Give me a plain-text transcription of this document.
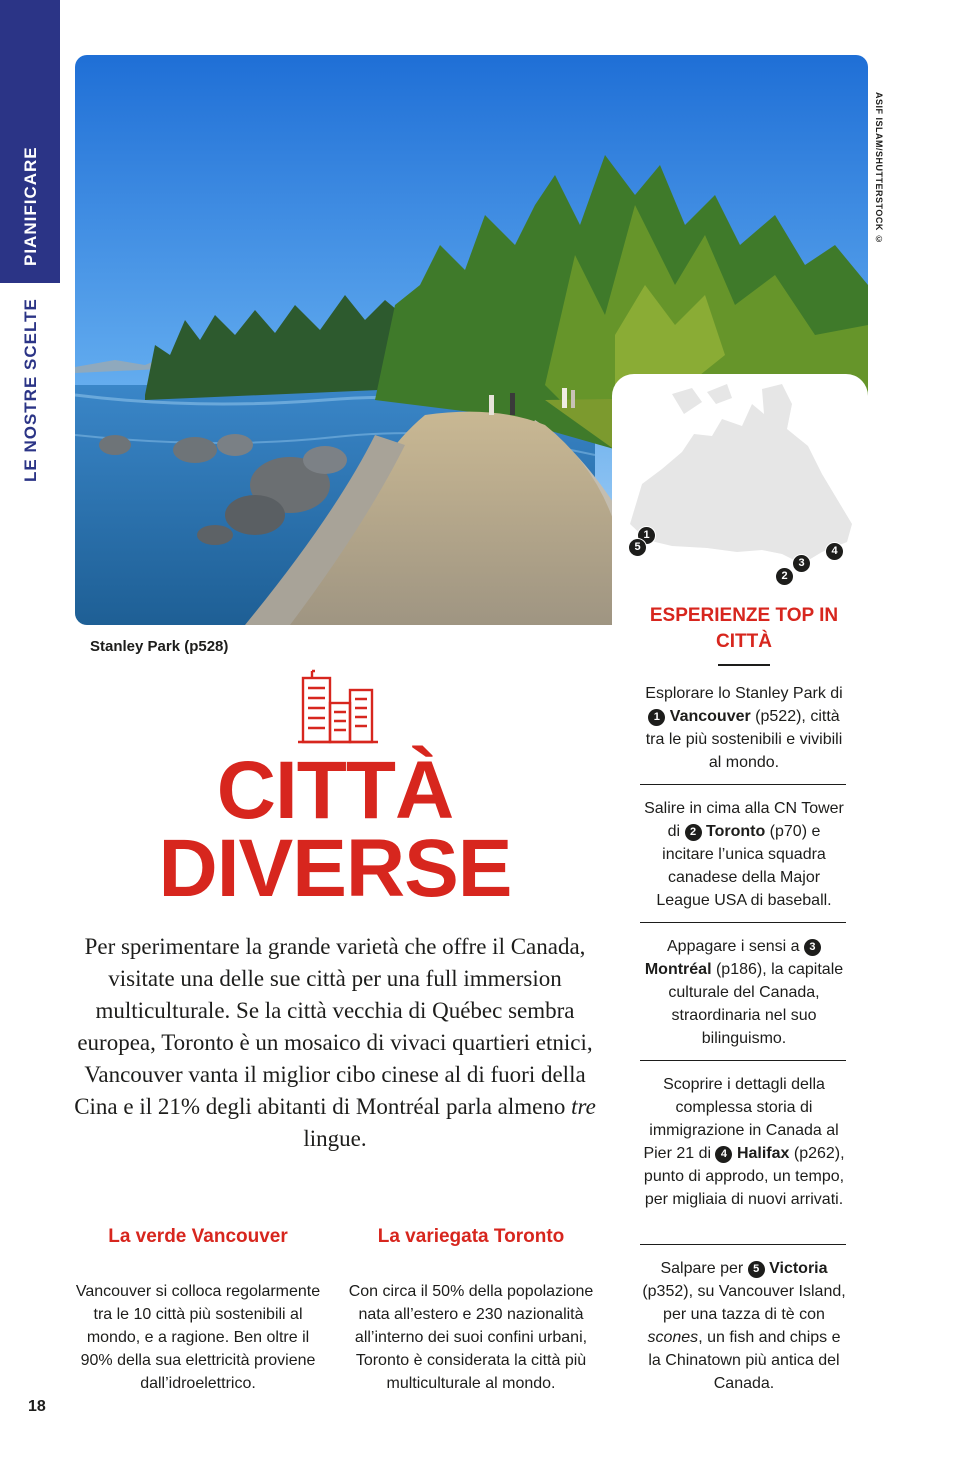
PIANIFICARE
LE NOSTRE SCELTE
ASIF ISLAM/SHUTTERSTOCK ©
1
5
2
3
4
Stanley Park (p528)
CITTÀ
DIVERSE
Per sperimentare la grande varietà che offre il Canada, visitate una delle sue città per una full immersion multiculturale. Se la città vecchia di Québec sembra europea, Toronto è un mosaico di vivaci quartieri etnici, Vancouver vanta il miglior cibo cinese al di fuori della Cina e il 21% degli abitanti di Montréal parla almeno tre lingue.
La verde Vancouver
Vancouver si colloca regolarmente tra le 10 città più sostenibili al mondo, e a ragione. Ben oltre il 90% della sua elettricità proviene dall’idroelettrico.
La variegata Toronto
Con circa il 50% della popolazione nata all’estero e 230 nazionalità all’interno dei suoi confini urbani, Toronto è considerata la città più multiculturale al mondo.
18
ESPERIENZE TOP IN CITTÀ
Esplorare lo Stanley Park di 1 Vancouver (p522), città tra le più sostenibili e vivibili al mondo.
Salire in cima alla CN Tower di 2 Toronto (p70) e incitare l’unica squadra canadese della Major League USA di baseball.
Appagare i sensi a 3 Montréal (p186), la capitale culturale del Canada, straordinaria nel suo bilinguismo.
Scoprire i dettagli della complessa storia di immigrazione in Canada al Pier 21 di 4 Halifax (p262), punto di approdo, un tempo, per migliaia di nuovi arrivati.
Salpare per 5 Victoria (p352), su Vancouver Island, per una tazza di tè con scones, un fish and chips e la Chinatown più antica del Canada.
